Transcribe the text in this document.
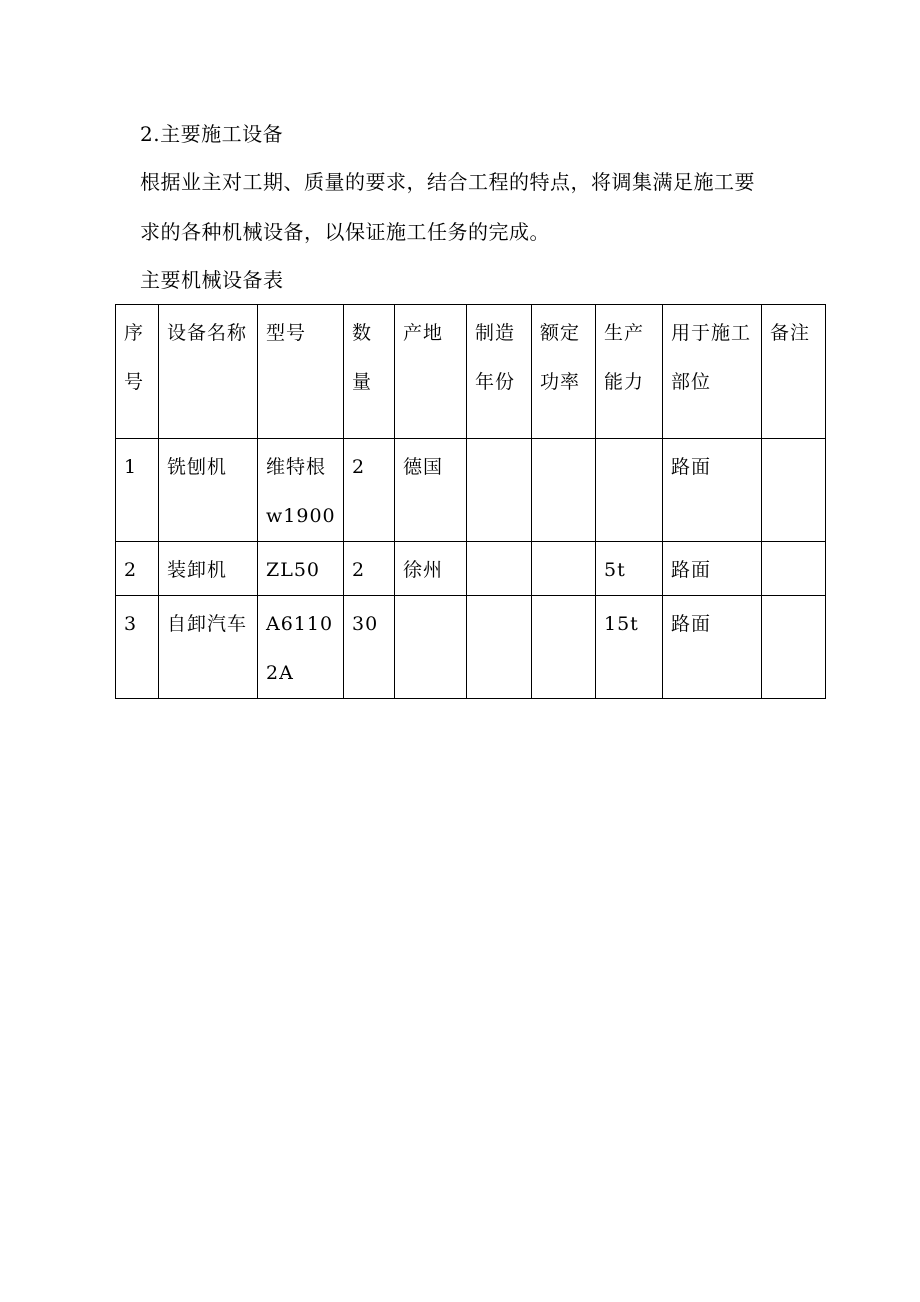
2.主要施工设备
根据业主对工期、质量的要求，结合工程的特点，将调集满足施工要
求的各种机械设备，以保证施工任务的完成。
主要机械设备表
序号	设备名称	型号	数量	产地	制造年份	额定功率	生产能力	用于施工部位	备注

1	铣刨机	维特根w1900	2	德国				路面	

2	装卸机	ZL50	2	徐州			5t	路面	

3	自卸汽车	A61102A	30				15t	路面	
